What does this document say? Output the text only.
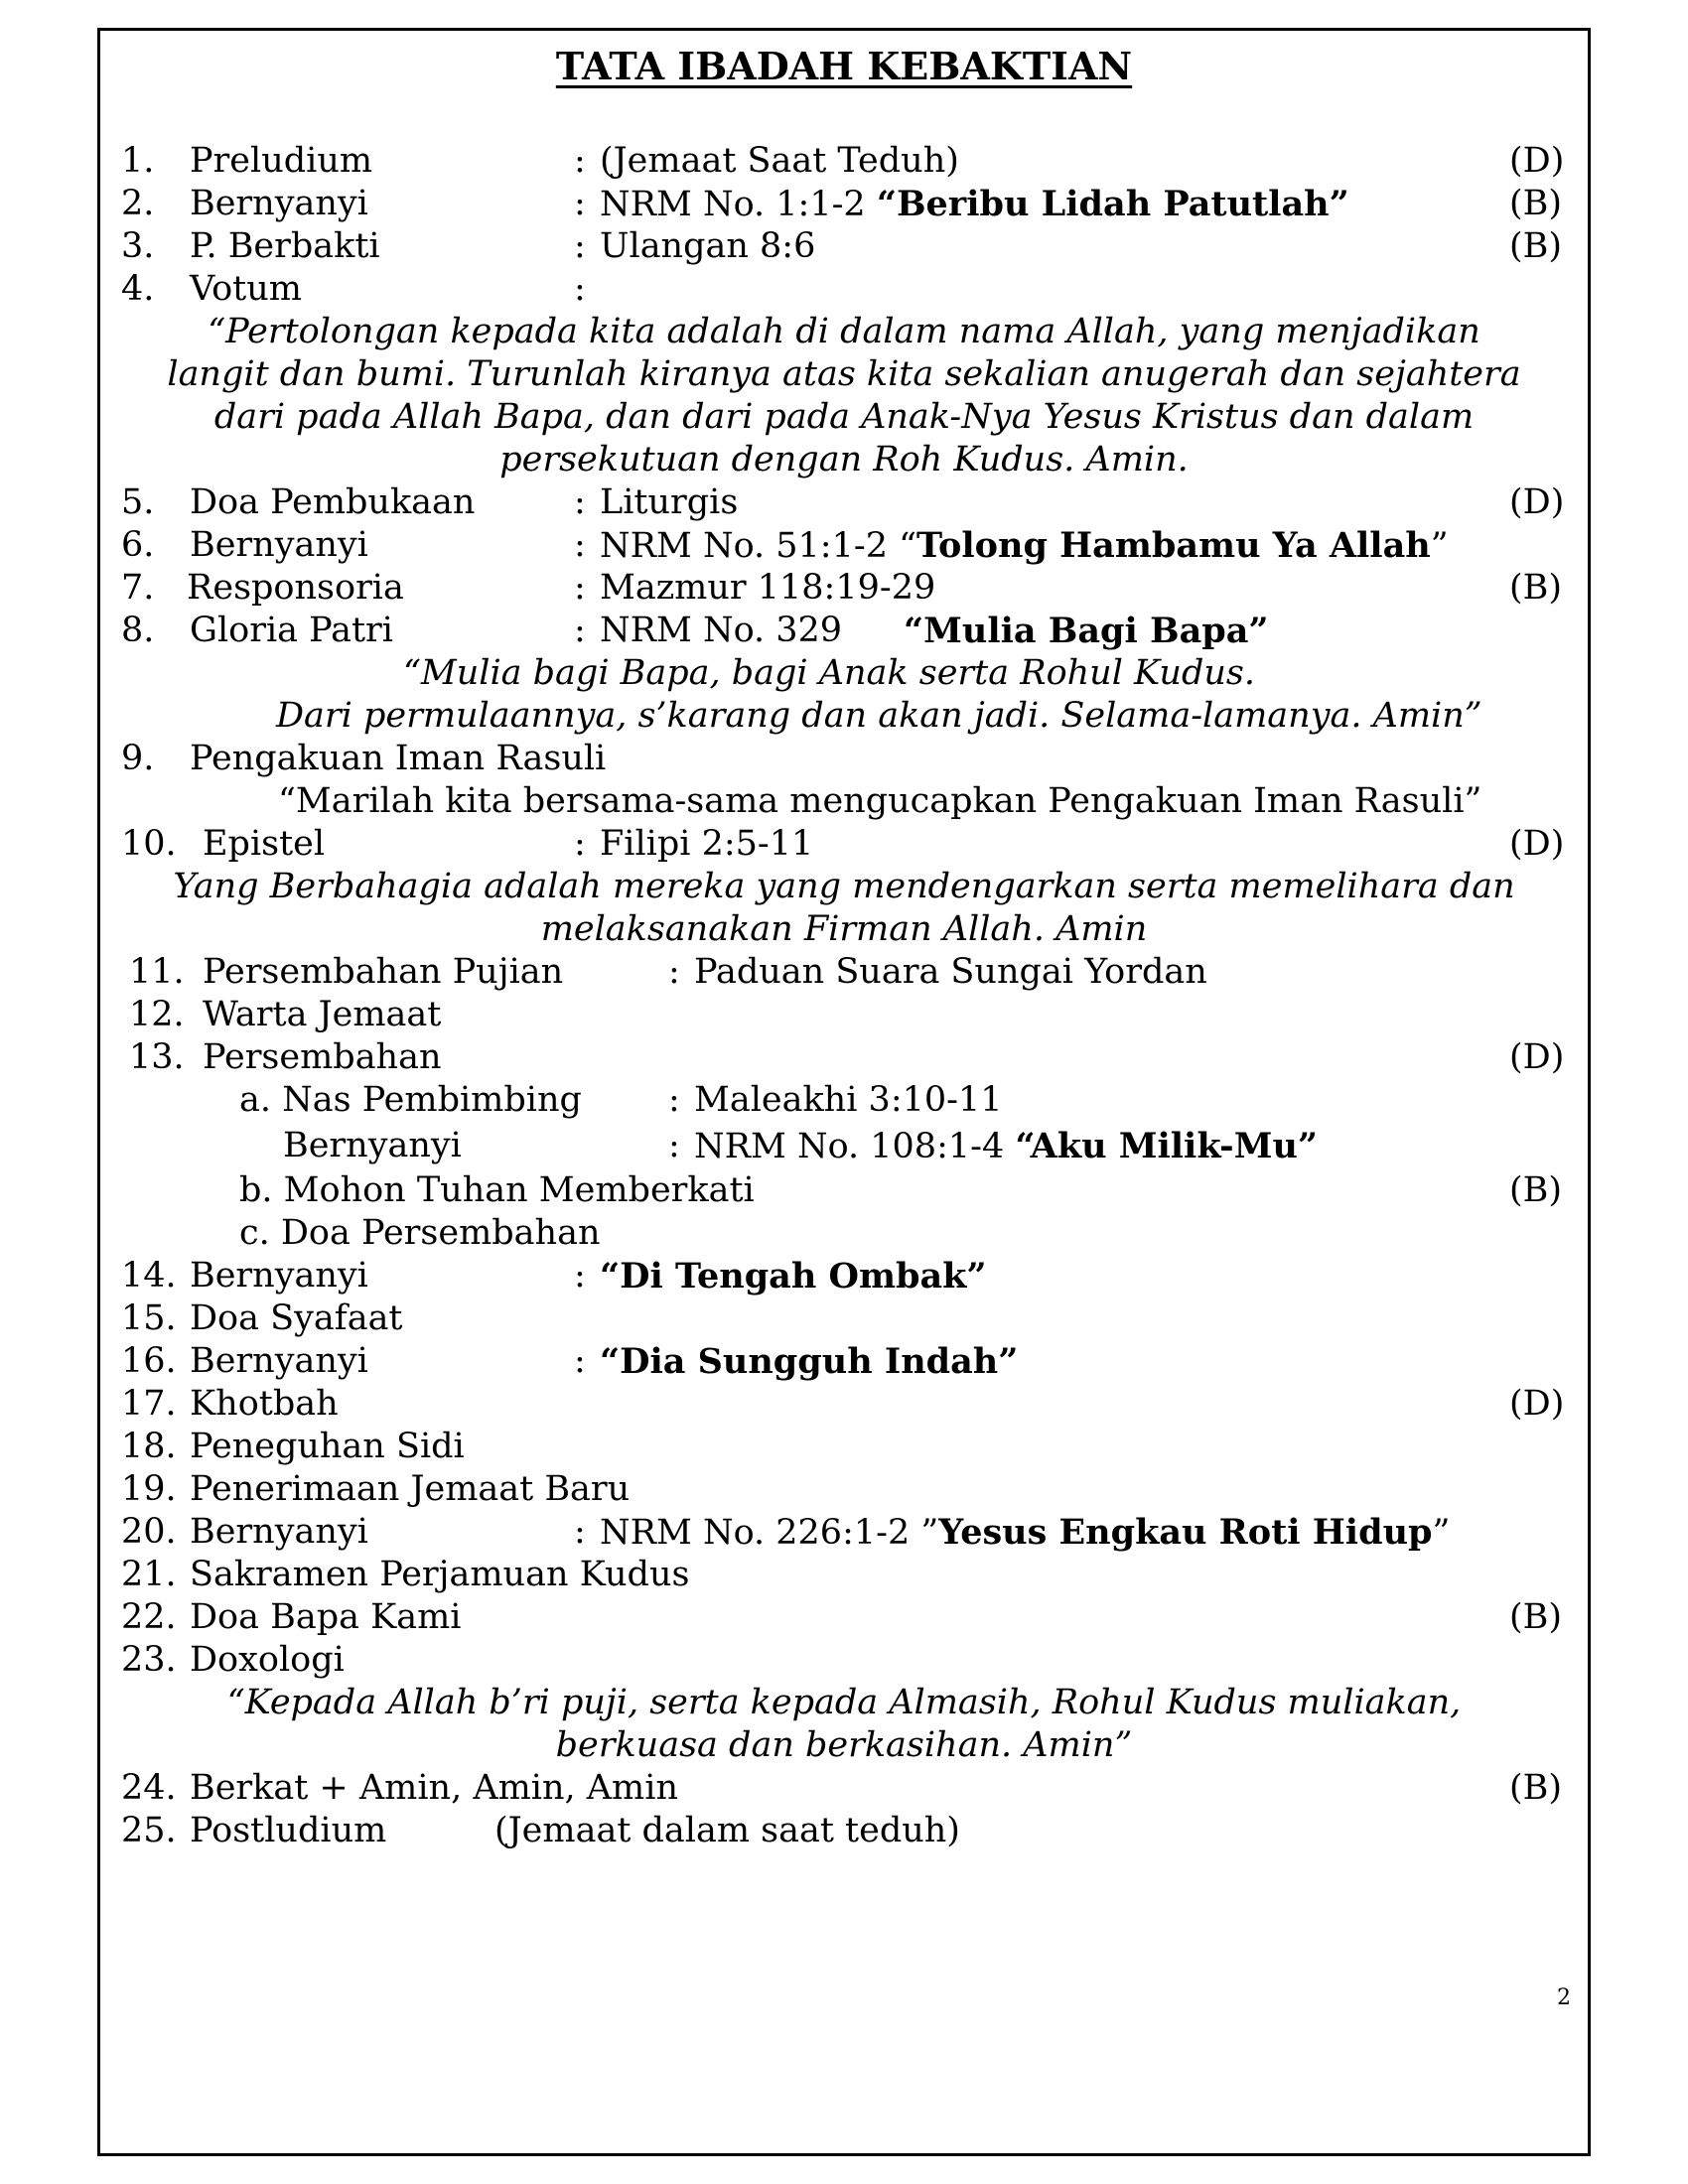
TATA IBADAH KEBAKTIAN
1. Preludium	: (Jemaat Saat Teduh)	(D)
2. Bernyanyi	: NRM No. 1:1-2 “Beribu Lidah Patutlah”	(B)
3. P. Berbakti	: Ulangan 8:6	(B)
4. Votum	:
“Pertolongan kepada kita adalah di dalam nama Allah, yang menjadikan
langit dan bumi. Turunlah kiranya atas kita sekalian anugerah dan sejahtera
dari pada Allah Bapa, dan dari pada Anak-Nya Yesus Kristus dan dalam
persekutuan dengan Roh Kudus. Amin.
5. Doa Pembukaan	: Liturgis	(D)
6. Bernyanyi	: NRM No. 51:1-2 “Tolong Hambamu Ya Allah”
7. Responsoria	: Mazmur 118:19-29	(B)
8. Gloria Patri	: NRM No. 329 “Mulia Bagi Bapa”
“Mulia bagi Bapa, bagi Anak serta Rohul Kudus.
Dari permulaannya, s’karang dan akan jadi. Selama-lamanya. Amin”
9. Pengakuan Iman Rasuli
“Marilah kita bersama-sama mengucapkan Pengakuan Iman Rasuli”
10. Epistel	: Filipi 2:5-11	(D)
Yang Berbahagia adalah mereka yang mendengarkan serta memelihara dan
melaksanakan Firman Allah. Amin
11. Persembahan Pujian	: Paduan Suara Sungai Yordan
12. Warta Jemaat
13. Persembahan	(D)
a. Nas Pembimbing : Maleakhi 3:10-11
Bernyanyi	: NRM No. 108:1-4 “Aku Milik-Mu”
b. Mohon Tuhan Memberkati	(B)
c. Doa Persembahan
14. Bernyanyi	: “Di Tengah Ombak”
15. Doa Syafaat
16. Bernyanyi	: “Dia Sungguh Indah”
17. Khotbah	(D)
18. Peneguhan Sidi
19. Penerimaan Jemaat Baru
20. Bernyanyi	: NRM No. 226:1-2 ”Yesus Engkau Roti Hidup”
21. Sakramen Perjamuan Kudus
22. Doa Bapa Kami	(B)
23. Doxologi
“Kepada Allah b’ri puji, serta kepada Almasih, Rohul Kudus muliakan,
berkuasa dan berkasihan. Amin”
24. Berkat + Amin, Amin, Amin	(B)
25. Postludium	(Jemaat dalam saat teduh)
2
